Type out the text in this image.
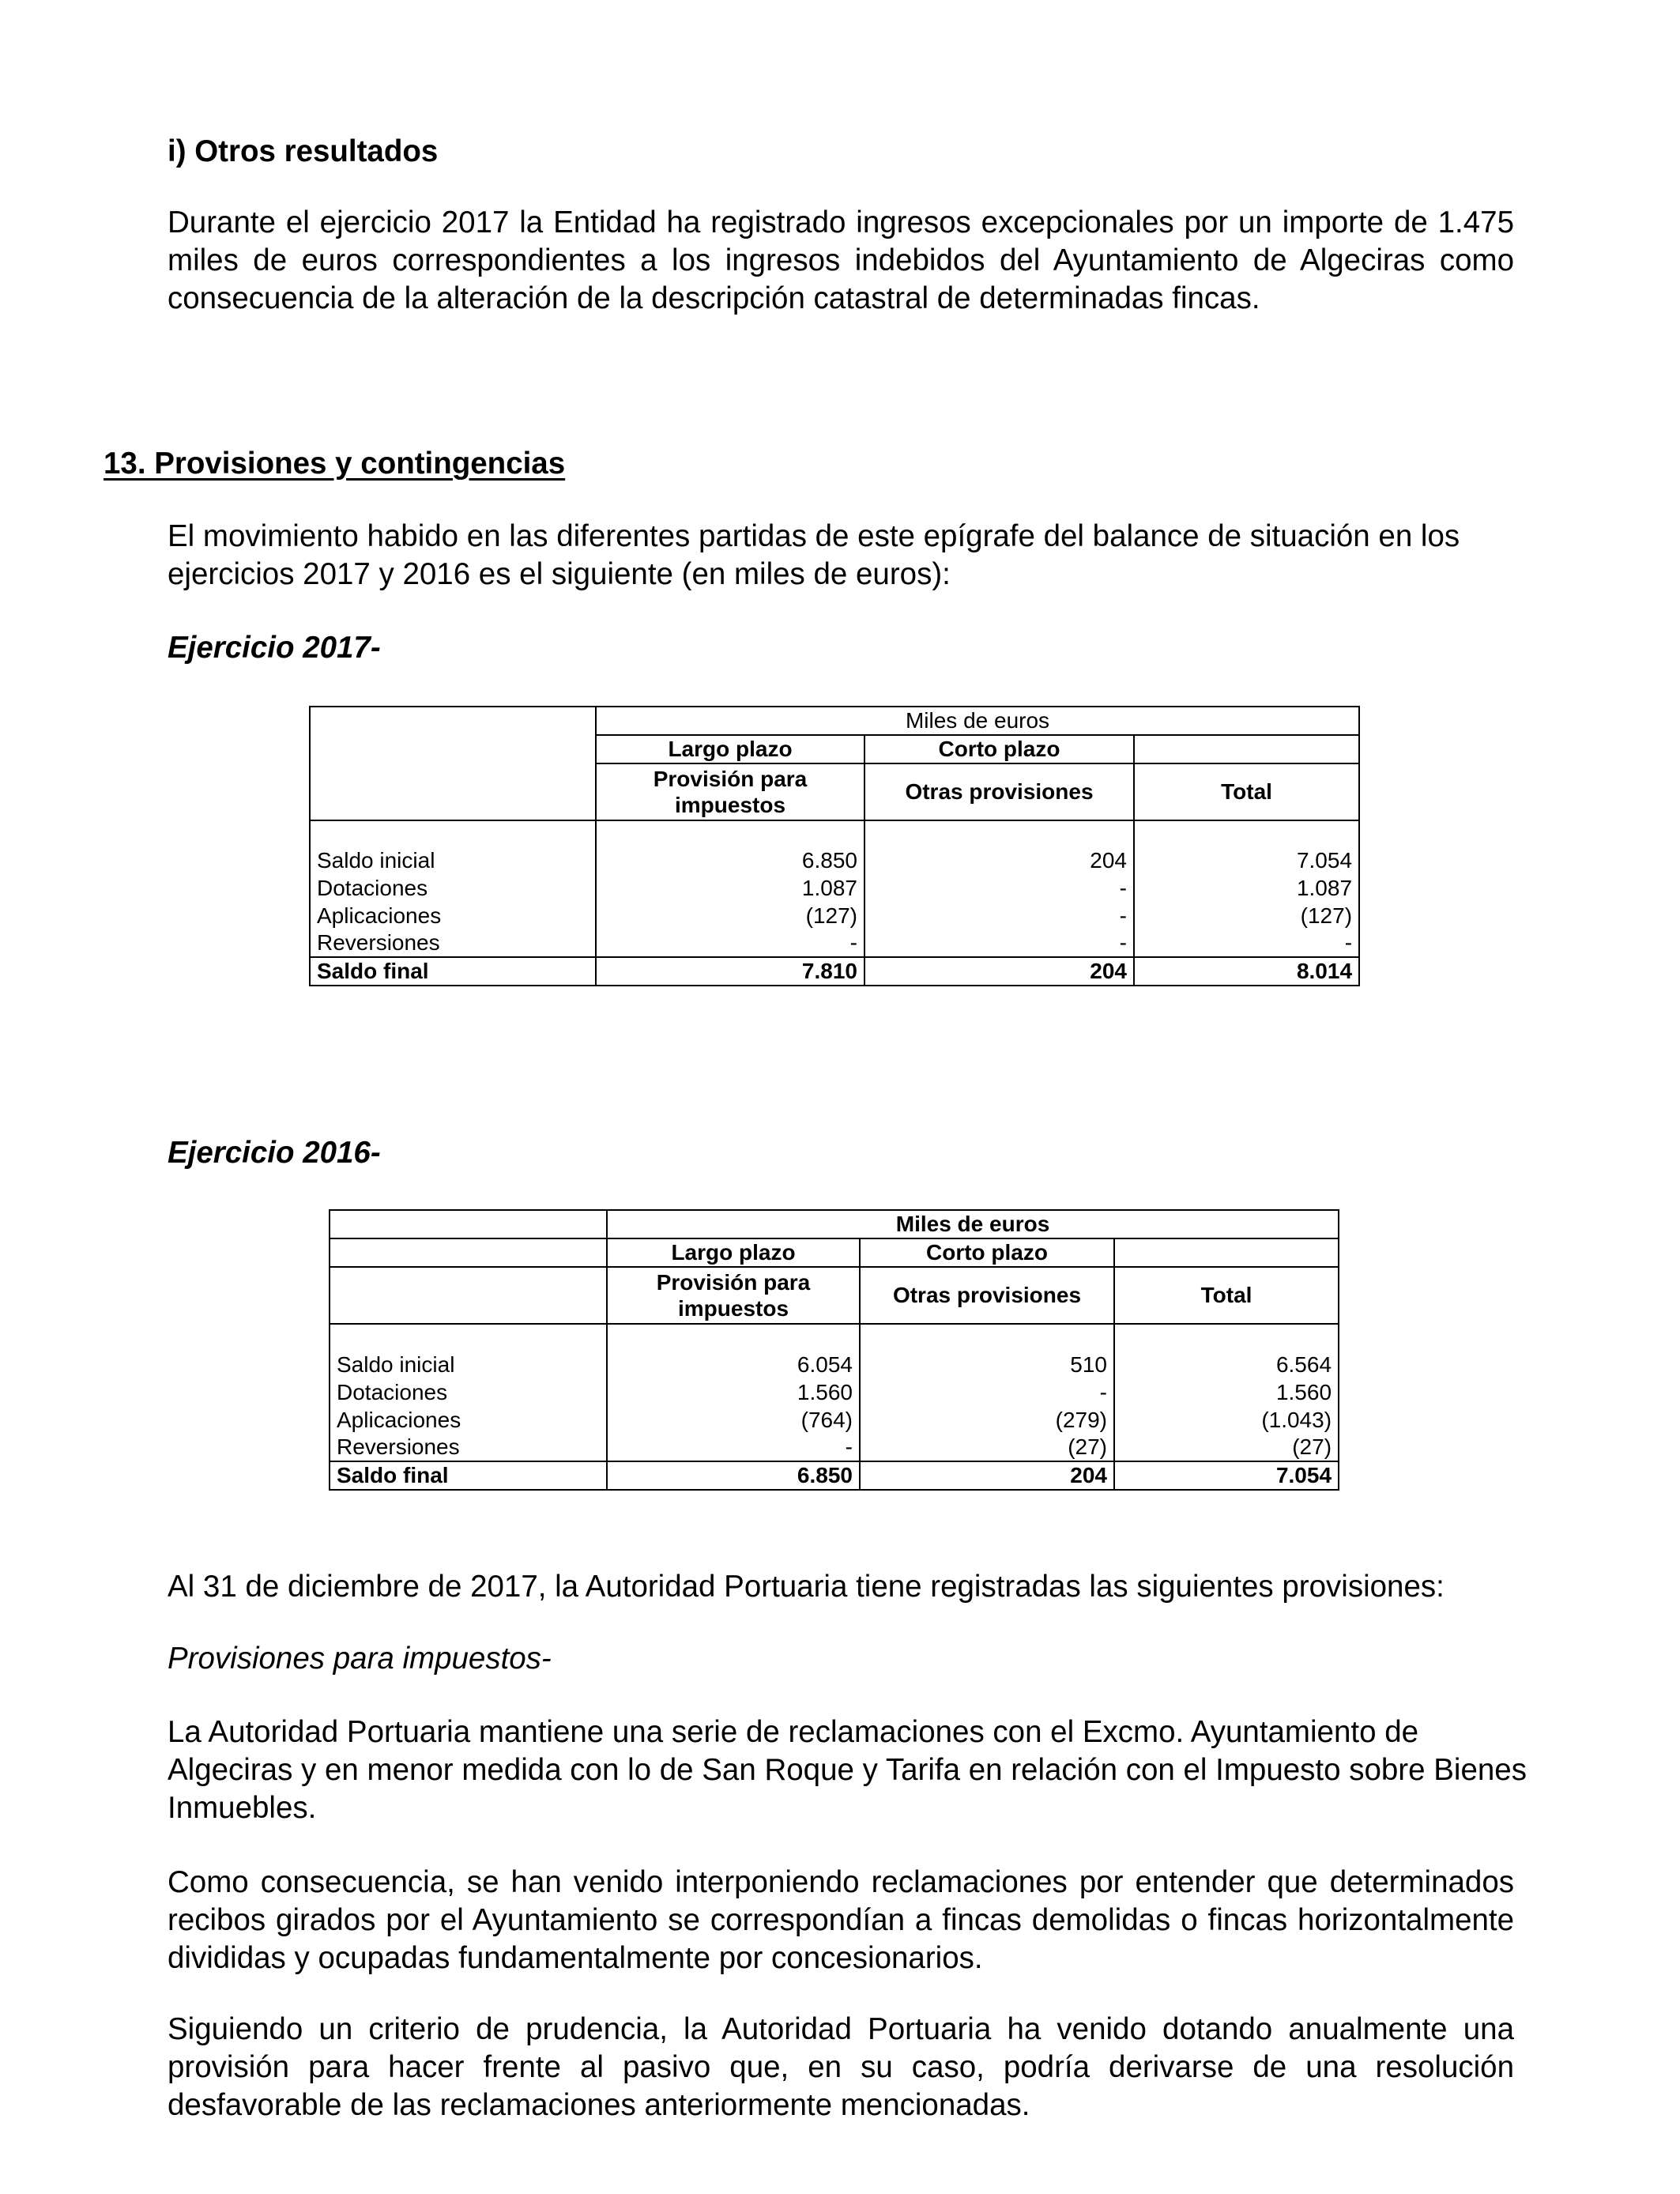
i) Otros resultados

Durante el ejercicio 2017 la Entidad ha registrado ingresos excepcionales por un importe de 1.475 miles de euros correspondientes a los ingresos indebidos del Ayuntamiento de Algeciras como consecuencia de la alteración de la descripción catastral de determinadas fincas.

13. Provisiones y contingencias

El movimiento habido en las diferentes partidas de este epígrafe del balance de situación en los ejercicios 2017 y 2016 es el siguiente (en miles de euros):

Ejercicio 2017-
	Miles de euros		
	Largo plazo	Corto plazo	
	Provisión para impuestos	Otras provisiones	Total

Saldo inicial	6.850	204	7.054
Dotaciones	1.087	-	1.087
Aplicaciones	(127)	-	(127)
Reversiones	-	-	-
Saldo final	7.810	204	8.014
Ejercicio 2016-
	Miles de euros		
	Largo plazo	Corto plazo	
	Provisión para impuestos	Otras provisiones	Total

Saldo inicial	6.054	510	6.564
Dotaciones	1.560	-	1.560
Aplicaciones	(764)	(279)	(1.043)
Reversiones	-	(27)	(27)
Saldo final	6.850	204	7.054

Al 31 de diciembre de 2017, la Autoridad Portuaria tiene registradas las siguientes provisiones:

Provisiones para impuestos-

La Autoridad Portuaria mantiene una serie de reclamaciones con el Excmo. Ayuntamiento de Algeciras y en menor medida con lo de San Roque y Tarifa en relación con el Impuesto sobre Bienes Inmuebles.

Como consecuencia, se han venido interponiendo reclamaciones por entender que determinados recibos girados por el Ayuntamiento se correspondían a fincas demolidas o fincas horizontalmente divididas y ocupadas fundamentalmente por concesionarios.

Siguiendo un criterio de prudencia, la Autoridad Portuaria ha venido dotando anualmente una provisión para hacer frente al pasivo que, en su caso, podría derivarse de una resolución desfavorable de las reclamaciones anteriormente mencionadas.
